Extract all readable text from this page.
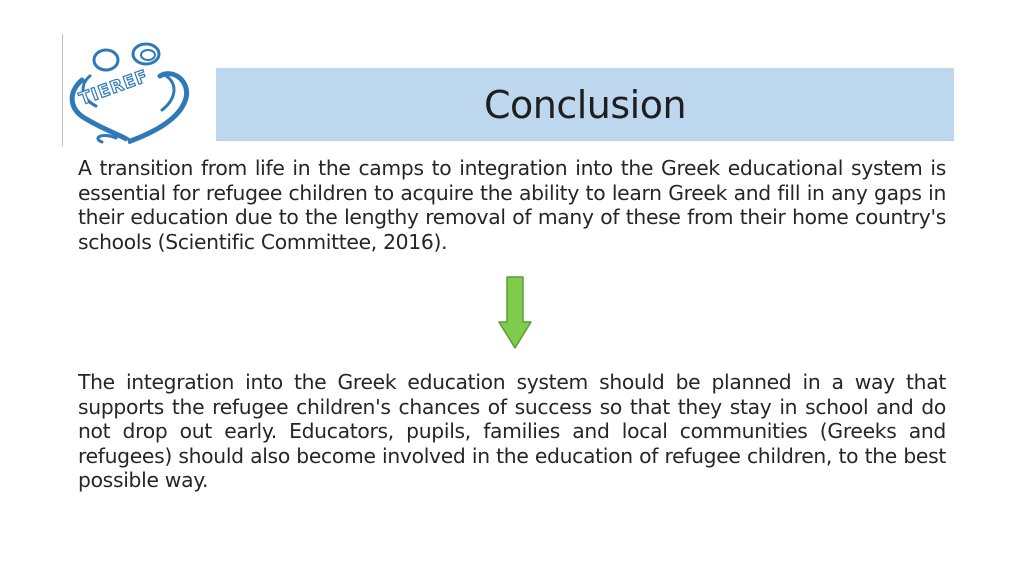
TIEREF	Conclusion

A transition from life in the camps to integration into the Greek educational system is essential for refugee children to acquire the ability to learn Greek and fill in any gaps in their education due to the lengthy removal of many of these from their home country's schools (Scientific Committee, 2016).

The integration into the Greek education system should be planned in a way that supports the refugee children's chances of success so that they stay in school and do not drop out early. Educators, pupils, families and local communities (Greeks and refugees) should also become involved in the education of refugee children, to the best possible way.
